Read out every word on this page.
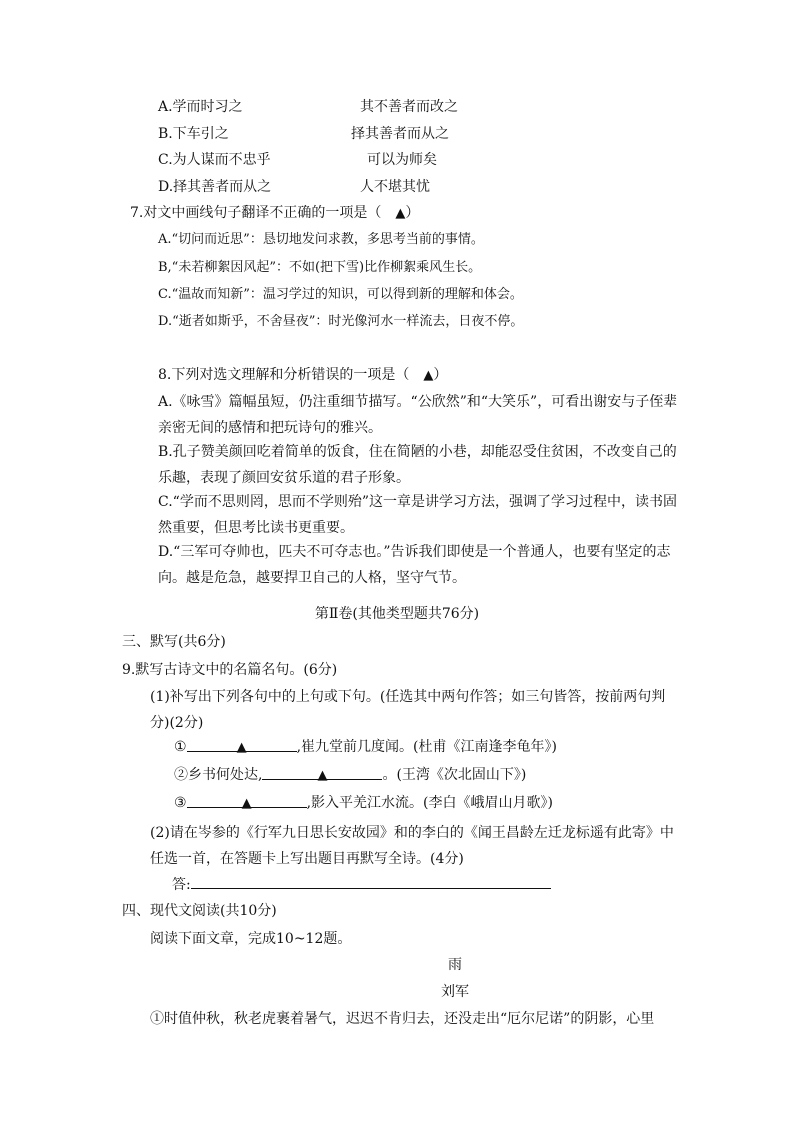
A.学而时习之	其不善者而改之
B.下车引之	择其善者而从之
C.为人谋而不忠乎	可以为师矣
D.择其善者而从之	人不堪其忧
7.对文中画线句子翻译不正确的一项是（ ▲）
A.“切问而近思”：恳切地发问求教，多思考当前的事情。
B,“未若柳絮因风起”：不如(把下雪)比作柳絮乘风生长。
C.“温故而知新”：温习学过的知识，可以得到新的理解和体会。
D.“逝者如斯乎，不舍昼夜”：时光像河水一样流去，日夜不停。
8.下列对选文理解和分析错误的一项是（ ▲）
A.《咏雪》篇幅虽短，仍注重细节描写。“公欣然”和“大笑乐”，可看出谢安与子侄辈亲密无间的感情和把玩诗句的雅兴。
B.孔子赞美颜回吃着简单的饭食，住在简陋的小巷，却能忍受住贫困，不改变自己的乐趣，表现了颜回安贫乐道的君子形象。
C.“学而不思则罔，思而不学则殆”这一章是讲学习方法，强调了学习过程中，读书固然重要，但思考比读书更重要。
D.“三军可夺帅也，匹夫不可夺志也。”告诉我们即使是一个普通人，也要有坚定的志向。越是危急，越要捍卫自己的人格，坚守气节。
第Ⅱ卷(其他类型题共76分)
三、默写(共6分)
9.默写古诗文中的名篇名句。(6分)
(1)补写出下列各句中的上句或下句。(任选其中两句作答；如三句皆答，按前两句判分)(2分)
①	▲	,崔九堂前几度闻。(杜甫《江南逢李龟年》)
②乡书何处达,	▲	。(王湾《次北固山下》)
③	▲	,影入平羌江水流。(李白《峨眉山月歌》)
(2)请在岑参的《行军九日思长安故园》和的李白的《闻王昌龄左迁龙标遥有此寄》中任选一首，在答题卡上写出题目再默写全诗。(4分)
答:
四、现代文阅读(共10分)
阅读下面文章，完成10~12题。
雨
刘军
①时值仲秋，秋老虎裹着暑气，迟迟不肯归去，还没走出“厄尔尼诺”的阴影，心里
